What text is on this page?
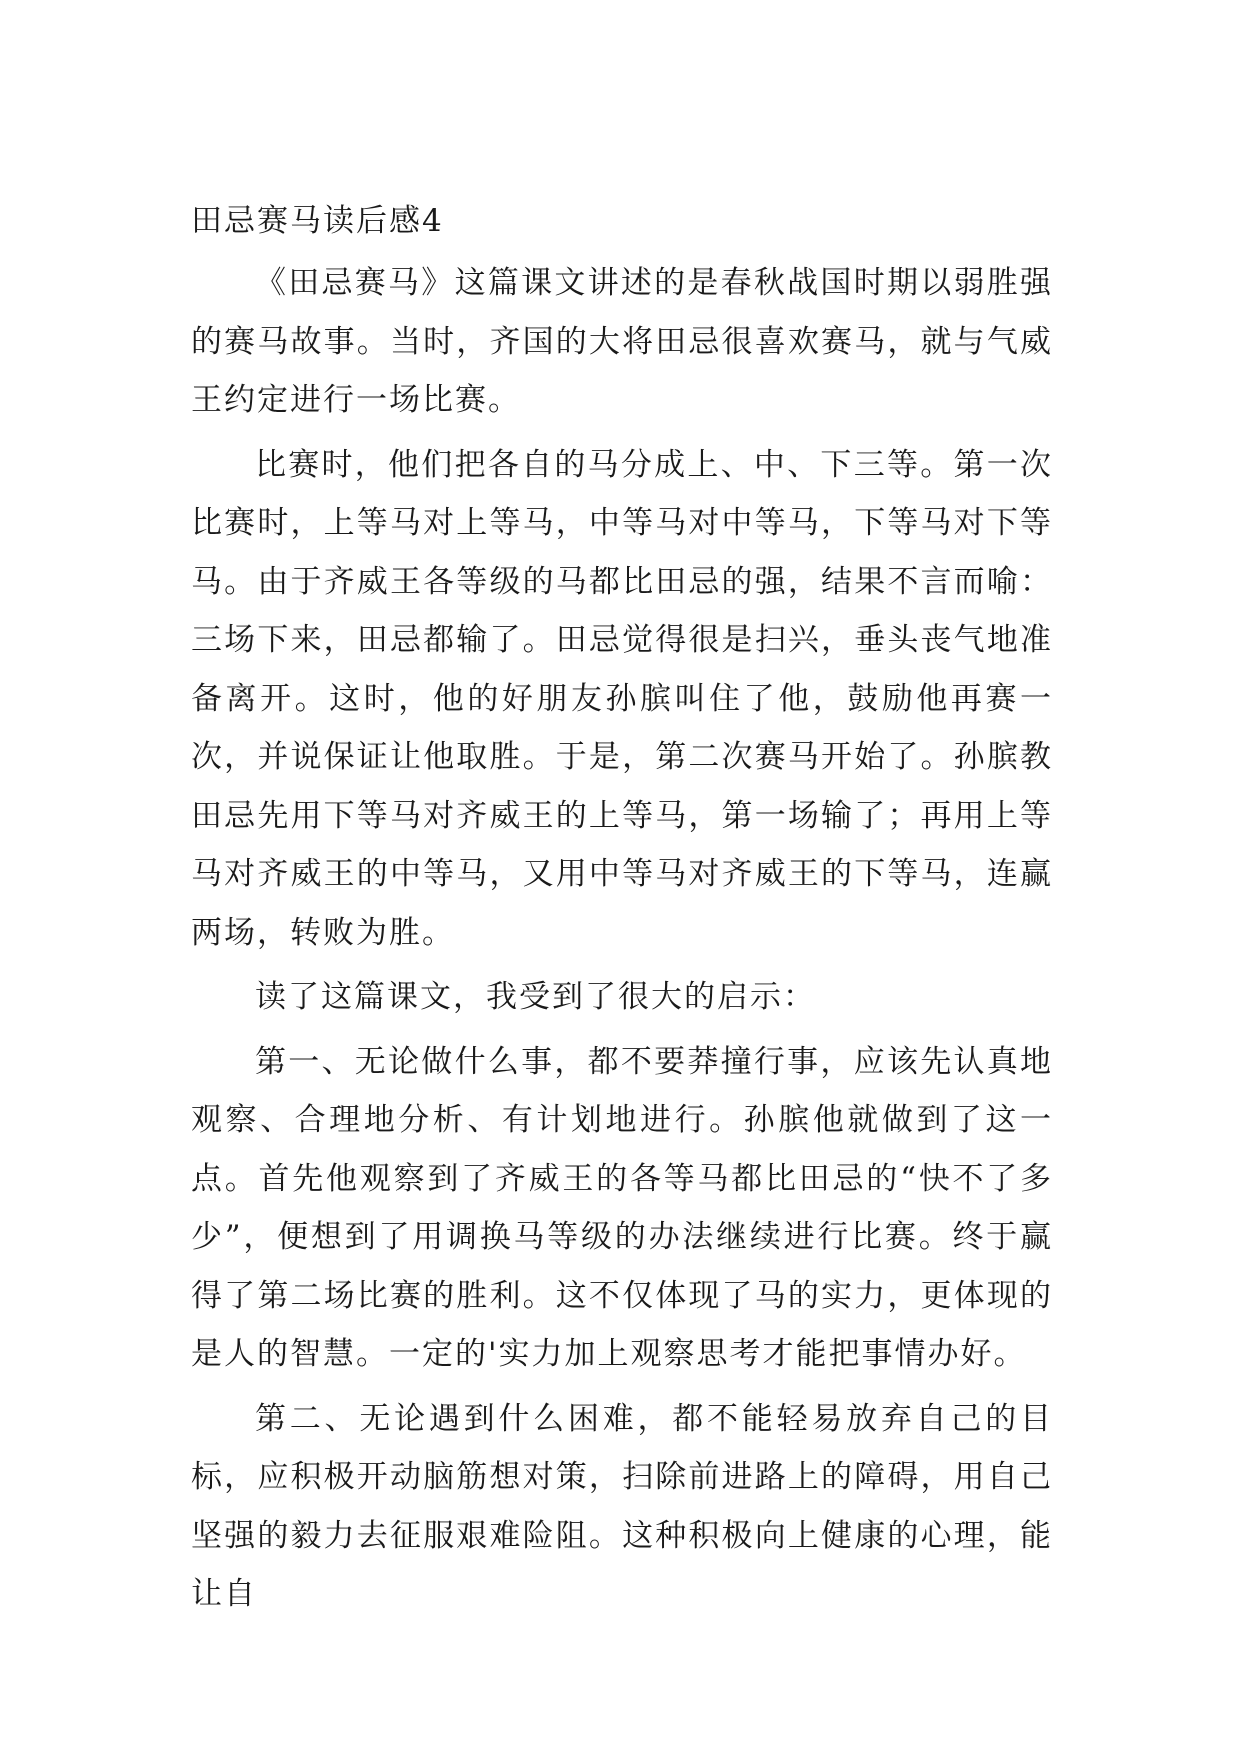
田忌赛马读后感4

《田忌赛马》这篇课文讲述的是春秋战国时期以弱胜强的赛马故事。当时，齐国的大将田忌很喜欢赛马，就与气威王约定进行一场比赛。

比赛时，他们把各自的马分成上、中、下三等。第一次比赛时，上等马对上等马，中等马对中等马，下等马对下等马。由于齐威王各等级的马都比田忌的强，结果不言而喻：三场下来，田忌都输了。田忌觉得很是扫兴，垂头丧气地准备离开。这时，他的好朋友孙膑叫住了他，鼓励他再赛一次，并说保证让他取胜。于是，第二次赛马开始了。孙膑教田忌先用下等马对齐威王的上等马，第一场输了；再用上等马对齐威王的中等马，又用中等马对齐威王的下等马，连赢两场，转败为胜。

读了这篇课文，我受到了很大的启示：

第一、无论做什么事，都不要莽撞行事，应该先认真地观察、合理地分析、有计划地进行。孙膑他就做到了这一点。首先他观察到了齐威王的各等马都比田忌的“快不了多少”，便想到了用调换马等级的办法继续进行比赛。终于赢得了第二场比赛的胜利。这不仅体现了马的实力，更体现的是人的智慧。一定的'实力加上观察思考才能把事情办好。

第二、无论遇到什么困难，都不能轻易放弃自己的目标，应积极开动脑筋想对策，扫除前进路上的障碍，用自己坚强的毅力去征服艰难险阻。这种积极向上健康的心理，能让自
